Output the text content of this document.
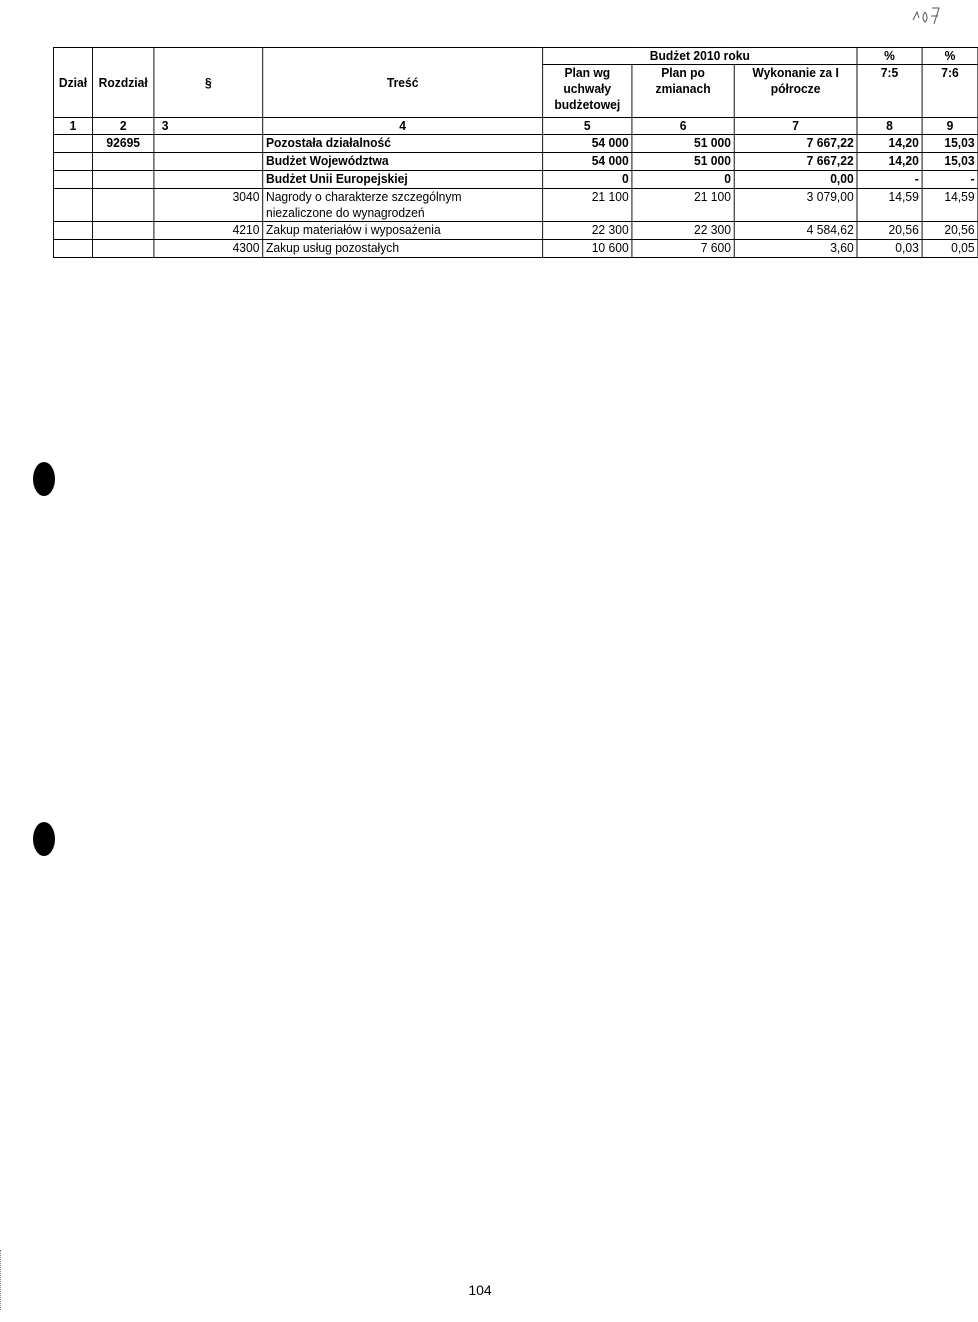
Dział	Rozdział	§	Treść	Budżet 2010 roku			%	%
				Plan wg uchwały budżetowej	Plan po zmianach	Wykonanie za I półrocze	7:5	7:6

1	2	3	4	5	6	7	8	9
	92695		Pozostała działalność	54 000	51 000	7 667,22	14,20	15,03
			Budżet Województwa	54 000	51 000	7 667,22	14,20	15,03
			Budżet Unii Europejskiej	0	0	0,00	-	-
		3040	Nagrody o charakterze szczególnym
niezaliczone do wynagrodzeń	21 100	21 100	3 079,00	14,59	14,59
		4210	Zakup materiałów i wyposażenia	22 300	22 300	4 584,62	20,56	20,56
		4300	Zakup usług pozostałych	10 600	7 600	3,60	0,03	0,05
104
